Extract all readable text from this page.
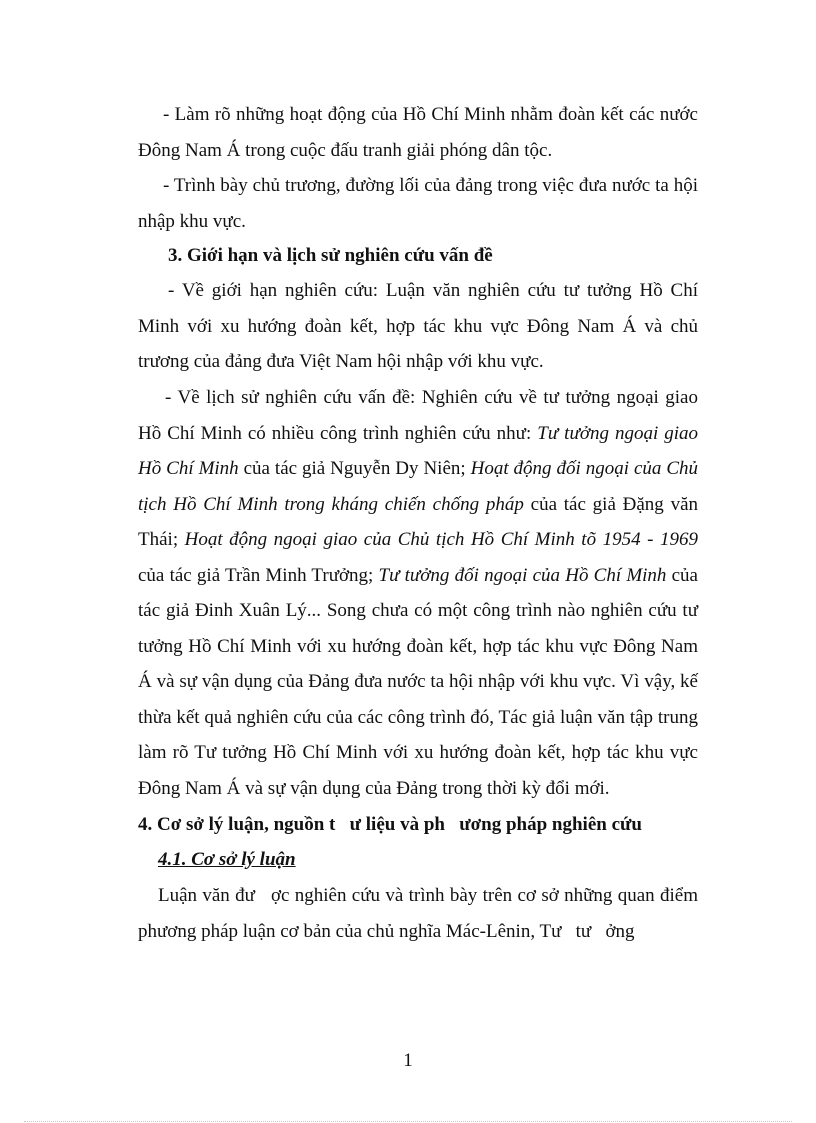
- Làm rõ những hoạt động của Hồ Chí Minh nhằm đoàn kết các nước Đông Nam Á trong cuộc đấu tranh giải phóng dân tộc.

- Trình bày chủ trương, đường lối của đảng trong việc đưa nước ta hội nhập khu vực.

3. Giới hạn và lịch sử nghiên cứu vấn đề

- Về giới hạn nghiên cứu: Luận văn nghiên cứu tư tưởng Hồ Chí Minh với xu hướng đoàn kết, hợp tác khu vực Đông Nam Á và chủ trương của đảng đưa Việt Nam hội nhập với khu vực.

- Về lịch sử nghiên cứu vấn đề: Nghiên cứu về tư tưởng ngoại giao Hồ Chí Minh có nhiều công trình nghiên cứu như: Tư tưởng ngoại giao Hồ Chí Minh của tác giả Nguyễn Dy Niên; Hoạt động đối ngoại của Chủ tịch Hồ Chí Minh trong kháng chiến chống pháp của tác giả Đặng văn Thái; Hoạt động ngoại giao của Chủ tịch Hồ Chí Minh tõ 1954 - 1969 của tác giả Trần Minh Trưởng; Tư tưởng đối ngoại của Hồ Chí Minh của tác giả Đinh Xuân Lý... Song chưa có một công trình nào nghiên cứu tư tưởng Hồ Chí Minh với xu hướng đoàn kết, hợp tác khu vực Đông Nam Á và sự vận dụng của Đảng đưa nước ta hội nhập với khu vực. Vì vậy, kế thừa kết quả nghiên cứu của các công trình đó, Tác giả luận văn tập trung làm rõ Tư tưởng Hồ Chí Minh với xu hướng đoàn kết, hợp tác khu vực Đông Nam Á và sự vận dụng của Đảng trong thời kỳ đổi mới.

4. Cơ sở lý luận, nguồn t   ư liệu và ph   ương pháp nghiên cứu
4.1. Cơ sở lý luận

Luận văn đư   ợc nghiên cứu và trình bày trên cơ sở những quan điểm phương pháp luận cơ bản của chủ nghĩa Mác-Lênin, Tư   tư   ởng

1
